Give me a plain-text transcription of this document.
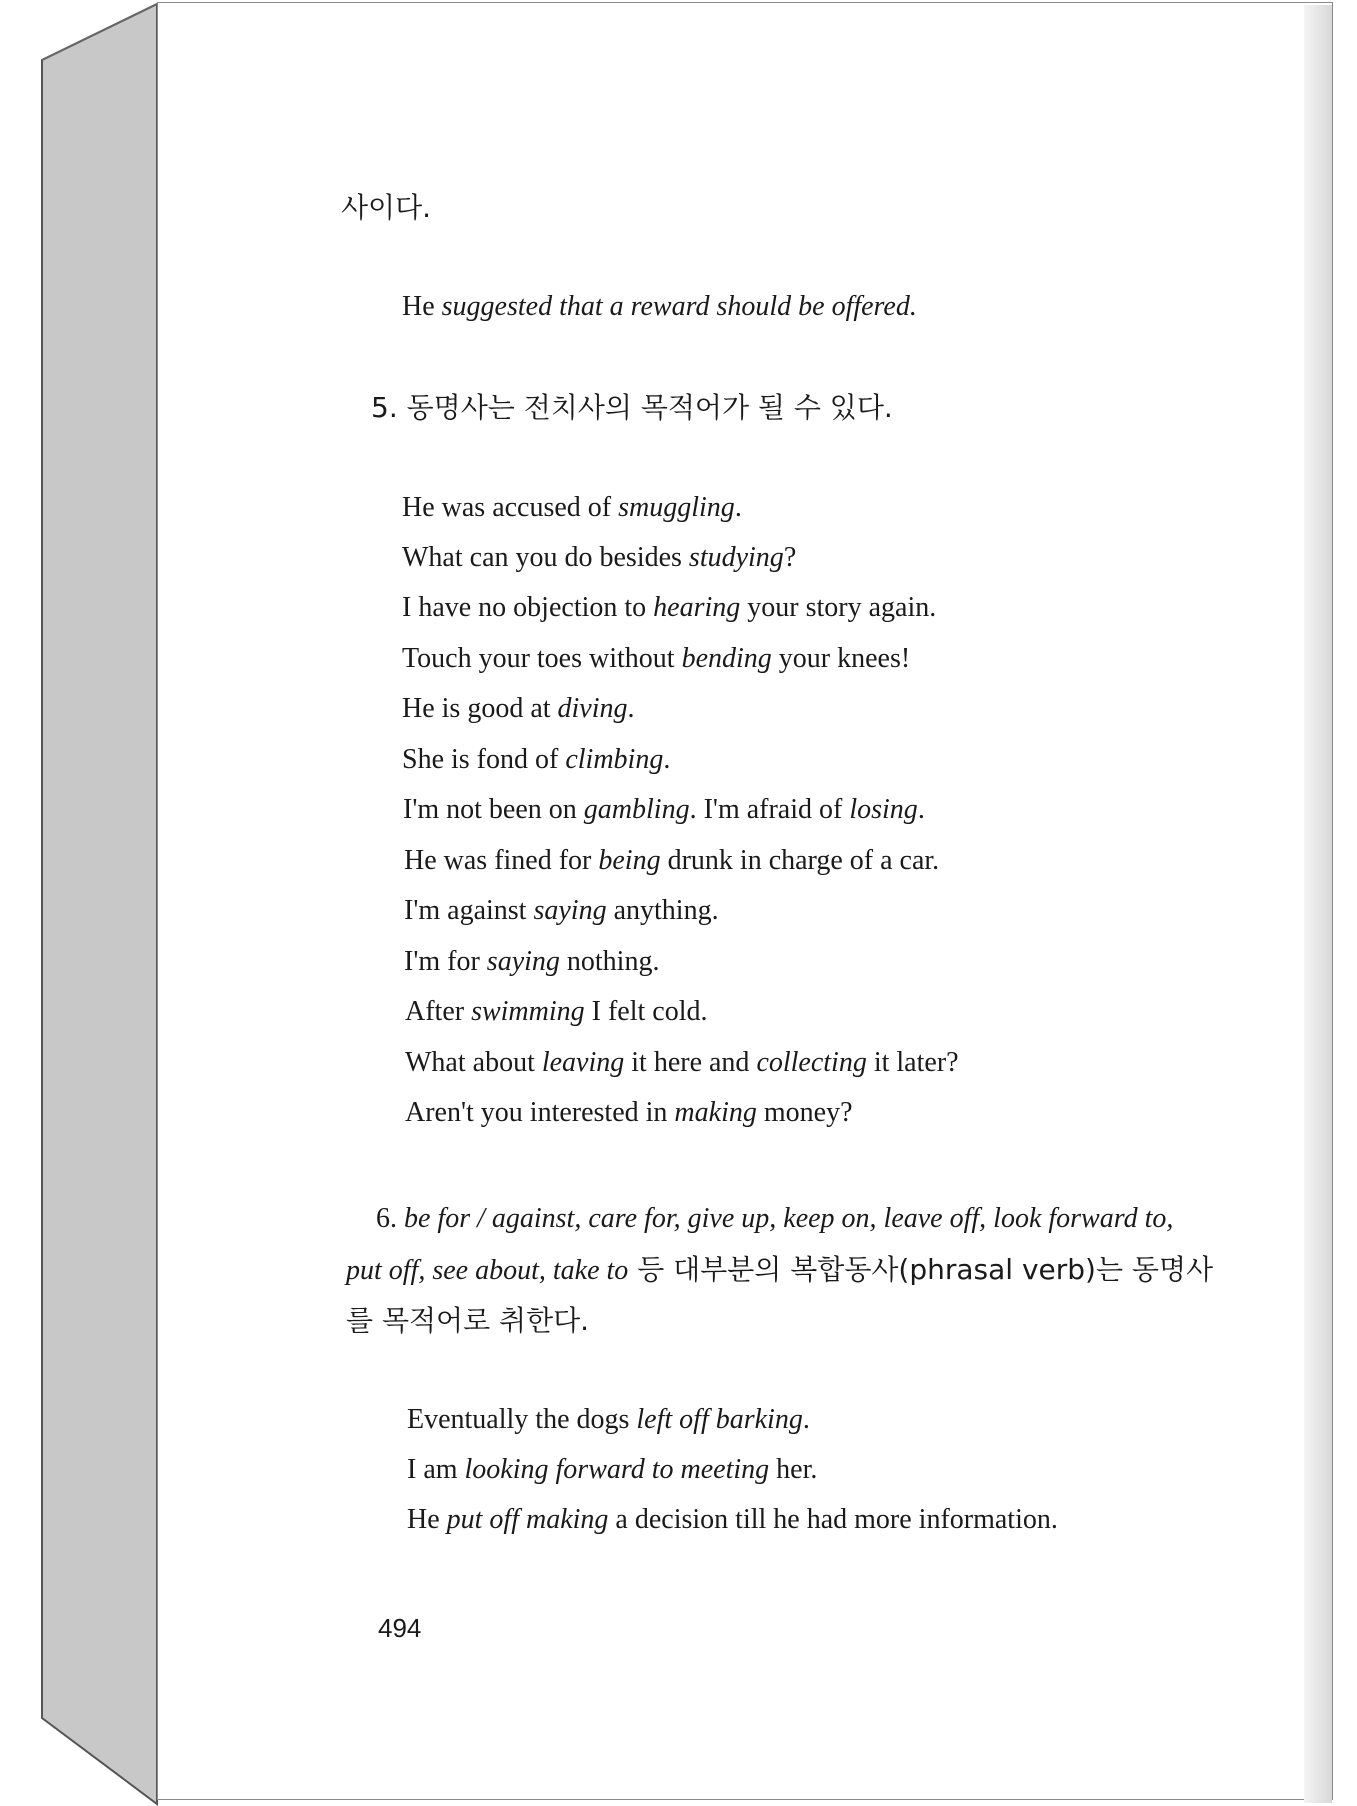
사이다.
He suggested that a reward should be offered.
5. 동명사는 전치사의 목적어가 될 수 있다.
He was accused of smuggling.
What can you do besides studying?
I have no objection to hearing your story again.
Touch your toes without bending your knees!
He is good at diving.
She is fond of climbing.
I'm not been on gambling. I'm afraid of losing.
He was fined for being drunk in charge of a car.
I'm against saying anything.
I'm for saying nothing.
After swimming I felt cold.
What about leaving it here and collecting it later?
Aren't you interested in making money?
6. be for / against, care for, give up, keep on, leave off, look forward to,
put off, see about, take to 등 대부분의 복합동사(phrasal verb)는 동명사
를 목적어로 취한다.
Eventually the dogs left off barking.
I am looking forward to meeting her.
He put off making a decision till he had more information.
494
